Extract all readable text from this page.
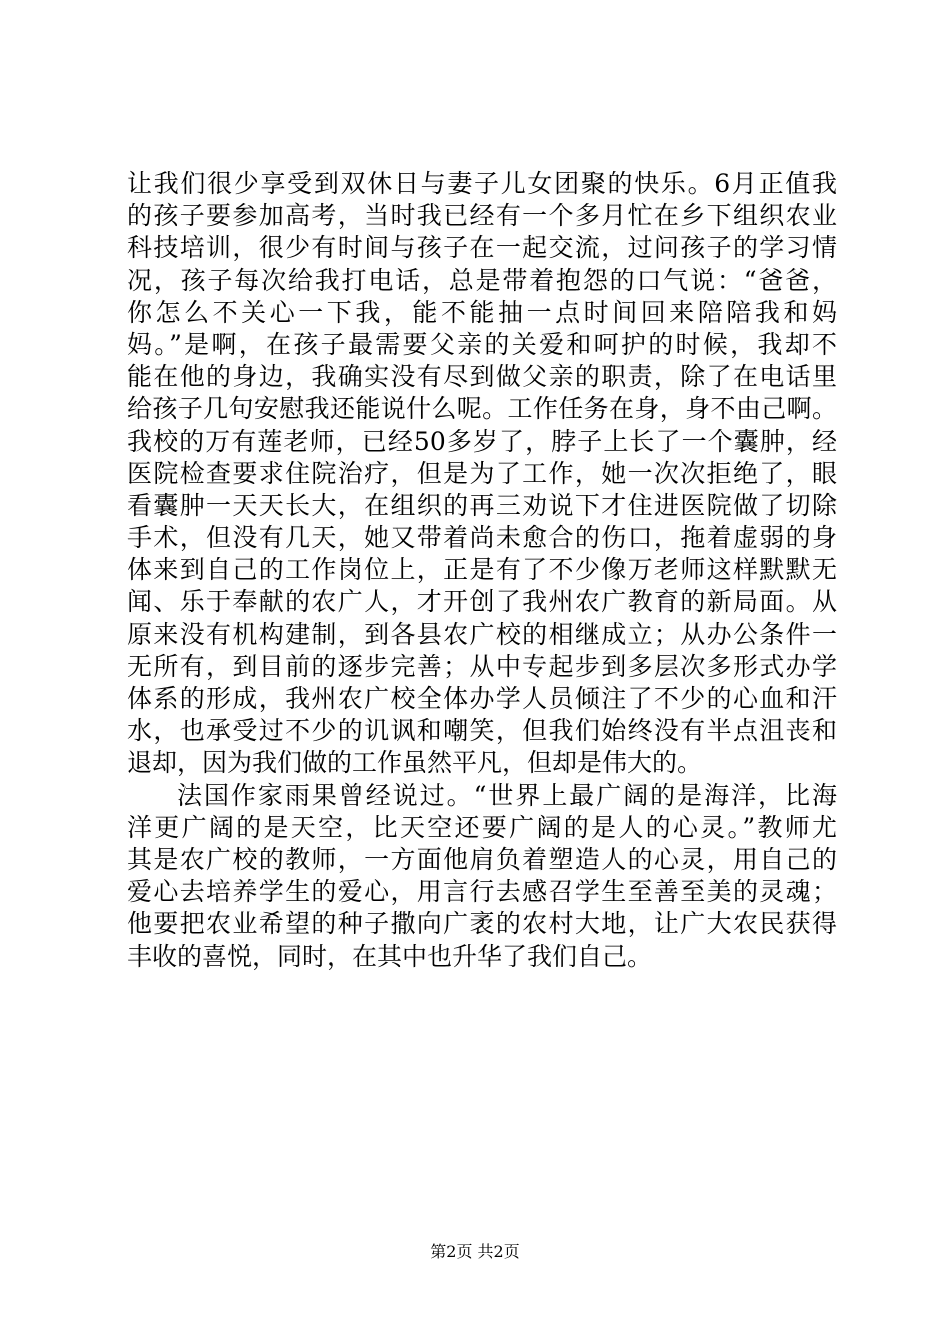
让我们很少享受到双休日与妻子儿女团聚的快乐。6月正值我
的孩子要参加高考，当时我已经有一个多月忙在乡下组织农业
科技培训，很少有时间与孩子在一起交流，过问孩子的学习情
况，孩子每次给我打电话，总是带着抱怨的口气说：“爸爸，
你怎么不关心一下我，能不能抽一点时间回来陪陪我和妈
妈。”是啊，在孩子最需要父亲的关爱和呵护的时候，我却不
能在他的身边，我确实没有尽到做父亲的职责，除了在电话里
给孩子几句安慰我还能说什么呢。工作任务在身，身不由己啊。
我校的万有莲老师，已经50多岁了，脖子上长了一个囊肿，经
医院检查要求住院治疗，但是为了工作，她一次次拒绝了，眼
看囊肿一天天长大，在组织的再三劝说下才住进医院做了切除
手术，但没有几天，她又带着尚未愈合的伤口，拖着虚弱的身
体来到自己的工作岗位上，正是有了不少像万老师这样默默无
闻、乐于奉献的农广人，才开创了我州农广教育的新局面。从
原来没有机构建制，到各县农广校的相继成立；从办公条件一
无所有，到目前的逐步完善；从中专起步到多层次多形式办学
体系的形成，我州农广校全体办学人员倾注了不少的心血和汗
水，也承受过不少的讥讽和嘲笑，但我们始终没有半点沮丧和
退却，因为我们做的工作虽然平凡，但却是伟大的。
法国作家雨果曾经说过。“世界上最广阔的是海洋，比海
洋更广阔的是天空，比天空还要广阔的是人的心灵。”教师尤
其是农广校的教师，一方面他肩负着塑造人的心灵，用自己的
爱心去培养学生的爱心，用言行去感召学生至善至美的灵魂；
他要把农业希望的种子撒向广袤的农村大地，让广大农民获得
丰收的喜悦，同时，在其中也升华了我们自己。
第2页 共2页
